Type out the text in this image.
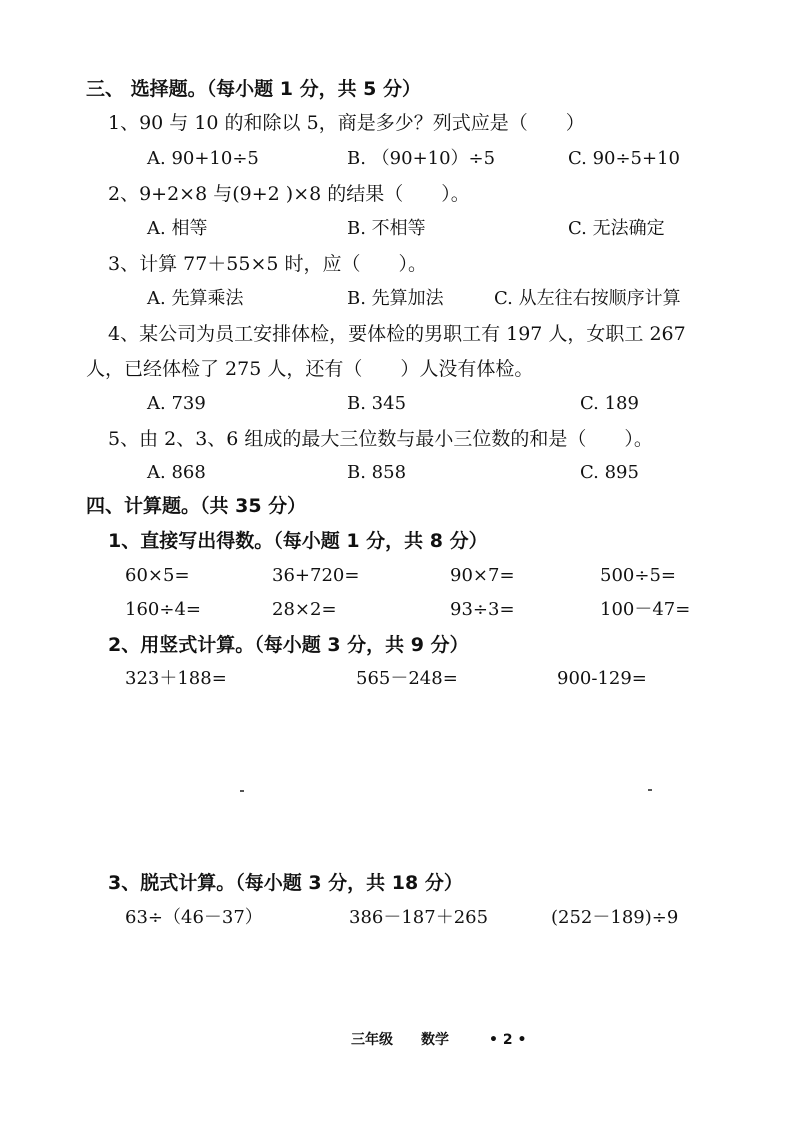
三、 选择题。（每小题 1 分，共 5 分）
1、90 与 10 的和除以 5，商是多少？列式应是（　　）
A. 90+10÷5	B. （90+10）÷5	C. 90÷5+10
2、9+2×8 与(9+2 )×8 的结果（　　）。
A. 相等	B. 不相等	C. 无法确定
3、计算 77＋55×5 时，应（　　）。
A. 先算乘法	B. 先算加法	C. 从左往右按顺序计算
4、某公司为员工安排体检，要体检的男职工有 197 人，女职工 267
人，已经体检了 275 人，还有（　　）人没有体检。
A. 739	B. 345	C. 189
5、由 2、3、6 组成的最大三位数与最小三位数的和是（　　）。
A. 868	B. 858	C. 895
四、计算题。（共 35 分）
1、直接写出得数。（每小题 1 分，共 8 分）
60×5=	36+720=	90×7=	500÷5=
160÷4=	28×2=	93÷3=	100－47=
2、用竖式计算。（每小题 3 分，共 9 分）
323＋188=	565－248=	900-129=
3、脱式计算。（每小题 3 分，共 18 分）
63÷（46－37）	386－187＋265	(252－189)÷9
三年级 数学	• 2 •
